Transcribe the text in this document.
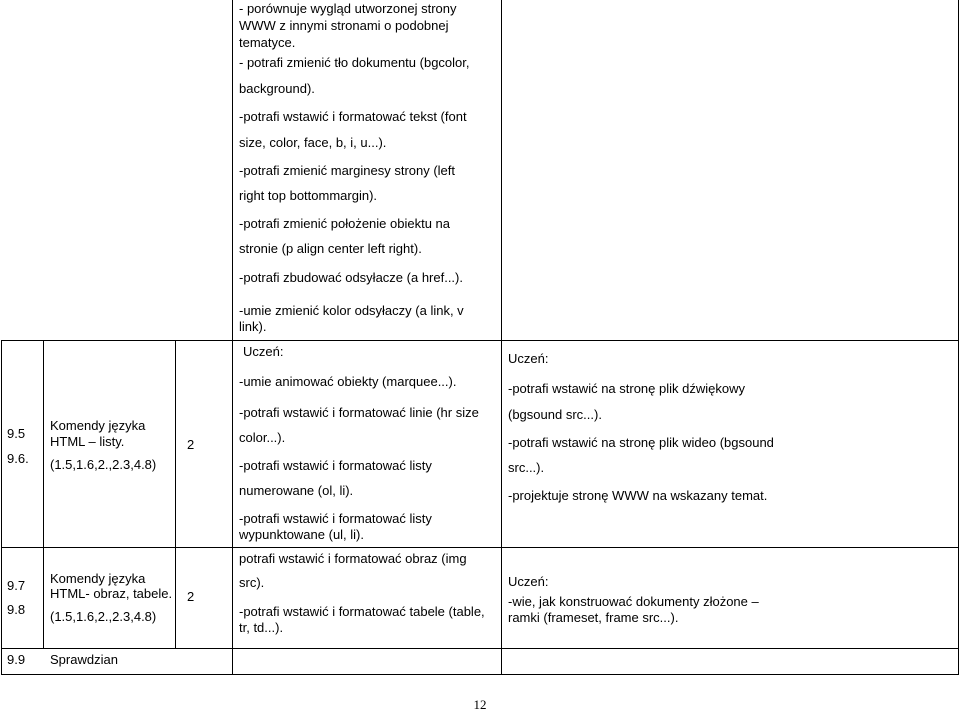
- porównuje wygląd utworzonej strony
WWW z innymi stronami o podobnej
tematyce.
- potrafi zmienić tło dokumentu (bgcolor,
background).
-potrafi wstawić i formatować tekst (font
size, color, face, b, i, u...).
-potrafi zmienić marginesy strony (left
right top bottommargin).
-potrafi zmienić położenie obiektu na
stronie (p align center left right).
-potrafi zbudować odsyłacze (a href...).
-umie zmienić kolor odsyłaczy (a link, v
link).
9.5
9.6.
Komendy języka
HTML – listy.
(1.5,1.6,2.,2.3,4.8)
2
Uczeń:
-umie animować obiekty (marquee...).
-potrafi wstawić i formatować linie (hr size
color...).
-potrafi wstawić i formatować listy
numerowane (ol, li).
-potrafi wstawić i formatować listy
wypunktowane (ul, li).
Uczeń:
-potrafi wstawić na stronę plik dźwiękowy
(bgsound src...).
-potrafi wstawić na stronę plik wideo (bgsound
src...).
-projektuje stronę WWW na wskazany temat.
9.7
9.8
Komendy języka
HTML- obraz, tabele.
(1.5,1.6,2.,2.3,4.8)
2
potrafi wstawić i formatować obraz (img
src).
-potrafi wstawić i formatować tabele (table,
tr, td...).
Uczeń:
-wie, jak konstruować dokumenty złożone –
ramki (frameset, frame src...).
9.9 Sprawdzian
12
